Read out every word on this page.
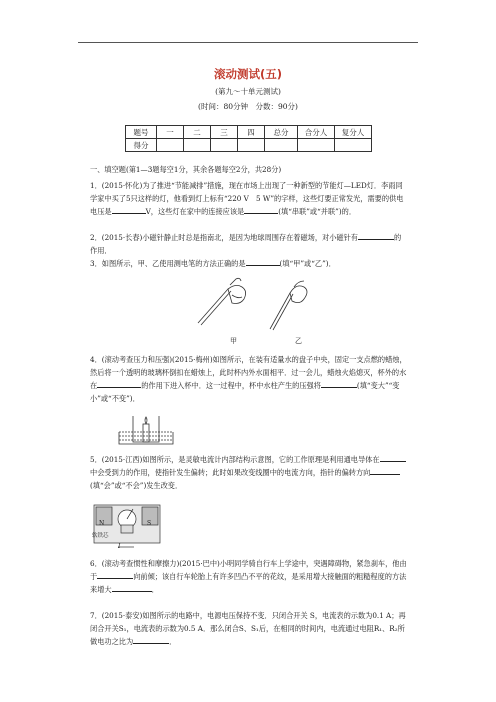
滚动测试(五)
(第九～十单元测试)
(时间：80分钟　分数：90分)
题号	一	二	三	四	总分	合分人	复分人
得分							

一、填空题(第1—3题每空1分，其余各题每空2分，共28分)

1．(2015·怀化)为了推进“节能减排”措施，现在市场上出现了一种新型的节能灯—LED灯．李雨同学家中买了5只这样的灯，他看到灯上标有“220 V　5 W”的字样，这些灯要正常发光，需要的供电电压是	V，这些灯在家中的连接应该是	(填“串联”或“并联”)的．

2．(2015·长春)小磁针静止时总是指南北，是因为地球周围存在着磁场，对小磁针有	的作用．

3．如图所示，甲、乙使用测电笔的方法正确的是	(填“甲”或“乙”)．

甲	乙

4．(滚动考查压力和压强)(2015·梅州)如图所示，在装有适量水的盘子中央，固定一支点燃的蜡烛，然后将一个透明的玻璃杯倒扣在蜡烛上，此时杯内外水面相平．过一会儿，蜡烛火焰熄灭，杯外的水在	的作用下进入杯中．这一过程中，杯中水柱产生的压强将	(填“变大”“变小”或“不变”)．

5．(2015·江西)如图所示，是灵敏电流计内部结构示意图，它的工作原理是利用通电导体在中会受到力的作用，使指针发生偏转；此时如果改变线圈中的电流方向，指针的偏转方向(填“会”或“不会”)发生改变．

N	S
软铁芯
I

6．(滚动考查惯性和摩擦力)(2015·巴中)小明同学骑自行车上学途中，突遇障碍物，紧急刹车，他由于	向前倾；该自行车轮胎上有许多凹凸不平的花纹，是采用增大接触面的粗糙程度的方法来增大	．

7．(2015·泰安)如图所示的电路中，电源电压保持不变．只闭合开关 S，电流表的示数为0.1 A；再闭合开关S₁，电流表的示数为0.5 A．那么闭合S、S₁后，在相同的时间内，电流通过电阻R₁、R₂所做电功之比为	．
